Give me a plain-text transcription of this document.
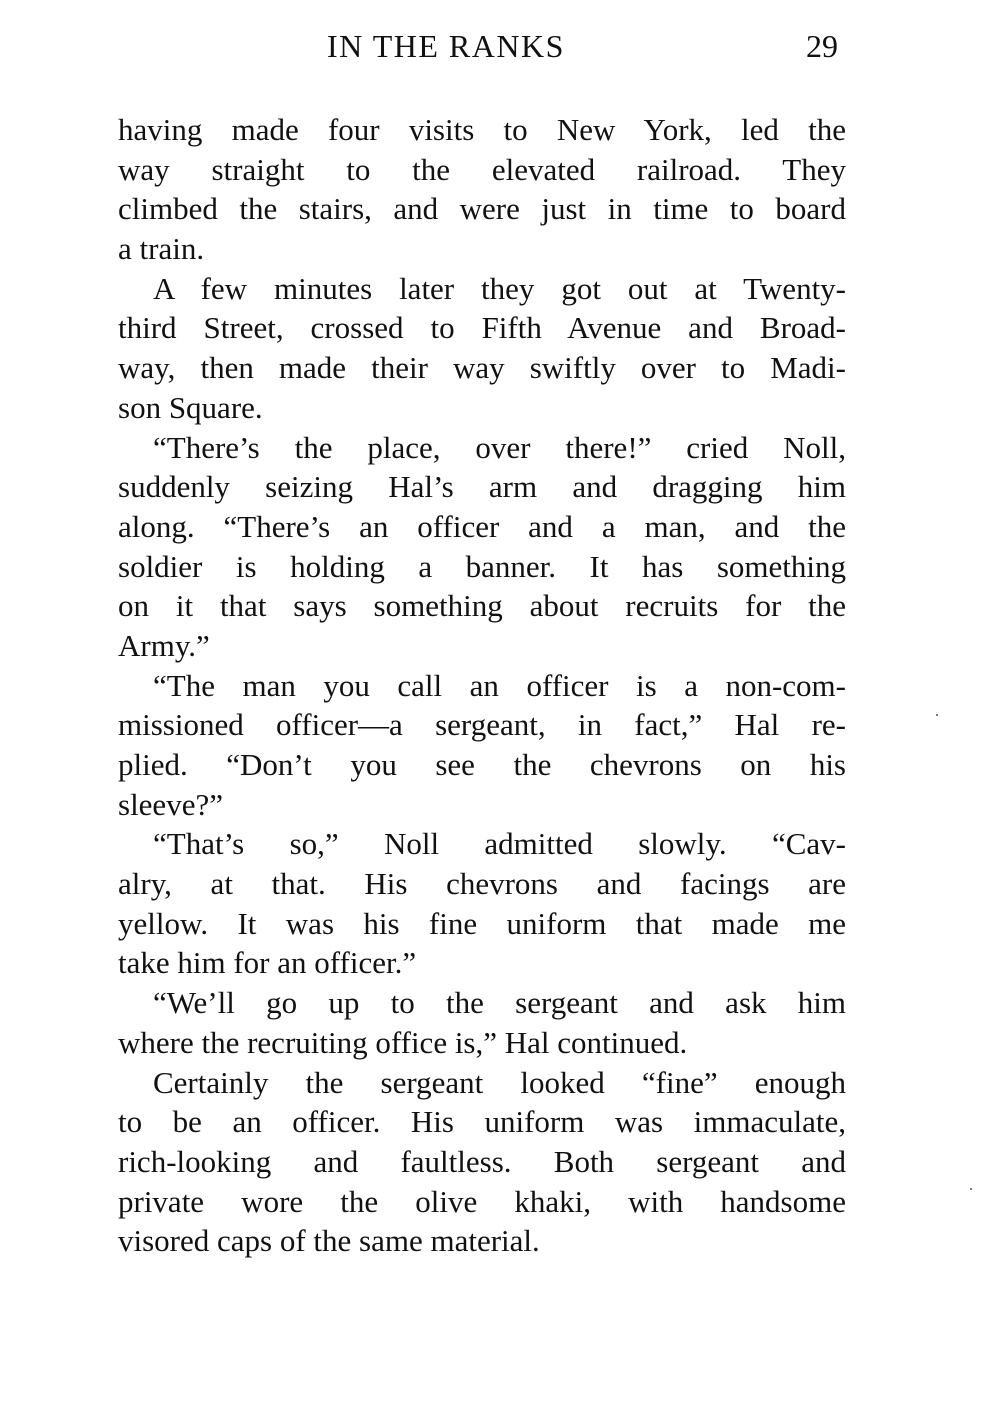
IN THE RANKS	29
having made four visits to New York, led the
way straight to the elevated railroad. They
climbed the stairs, and were just in time to board
a train.
A few minutes later they got out at Twenty-
third Street, crossed to Fifth Avenue and Broad-
way, then made their way swiftly over to Madi-
son Square.
“There’s the place, over there!” cried Noll,
suddenly seizing Hal’s arm and dragging him
along. “There’s an officer and a man, and the
soldier is holding a banner. It has something
on it that says something about recruits for the
Army.”
“The man you call an officer is a non-com-
missioned officer—a sergeant, in fact,” Hal re-
plied. “Don’t you see the chevrons on his
sleeve?”
“That’s so,” Noll admitted slowly. “Cav-
alry, at that. His chevrons and facings are
yellow. It was his fine uniform that made me
take him for an officer.”
“We’ll go up to the sergeant and ask him
where the recruiting office is,” Hal continued.
Certainly the sergeant looked “fine” enough
to be an officer. His uniform was immaculate,
rich-looking and faultless. Both sergeant and
private wore the olive khaki, with handsome
visored caps of the same material.
